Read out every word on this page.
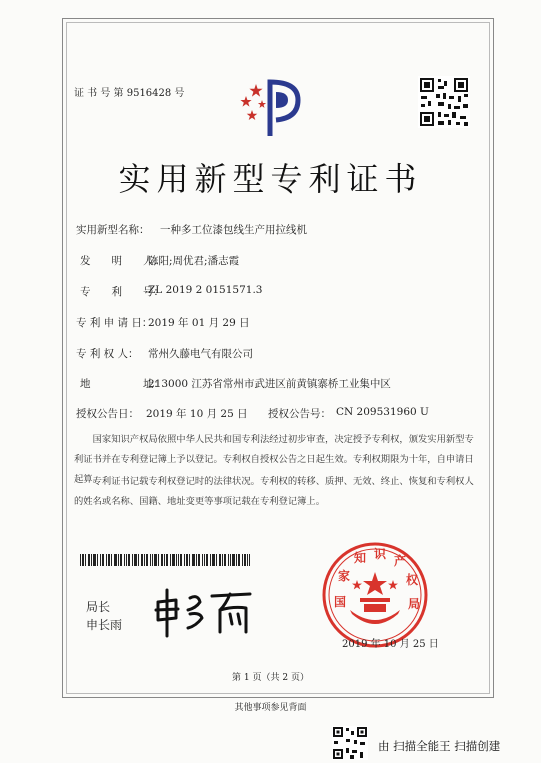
证 书 号 第 9516428 号
实用新型专利证书
实用新型名称： 一种多工位漆包线生产用拉线机
发　　明　　人：
陈阳;周优君;潘志霞
专　　利　　号：
ZL 2019 2 0151571.3
专 利 申 请 日：
2019 年 01 月 29 日
专 利 权 人： 常州久藤电气有限公司
地　　　　　址：
213000 江苏省常州市武进区前黄镇寨桥工业集中区
授权公告日： 2019 年 10 月 25 日 授权公告号： CN 209531960 U
国家知识产权局依照中华人民共和国专利法经过初步审查，决定授予专利权，颁发实用新型专利证书并在专利登记簿上予以登记。专利权自授权公告之日起生效。专利权期限为十年，自申请日起算。
专利证书记载专利权登记时的法律状况。专利权的转移、质押、无效、终止、恢复和专利权人的姓名或名称、国籍、地址变更等事项记载在专利登记簿上。
局长
申长雨
国
家
知 识 产
权
局
2019 年 10 月 25 日
第 1 页（共 2 页）
其他事项参见背面
由 扫描全能王 扫描创建
